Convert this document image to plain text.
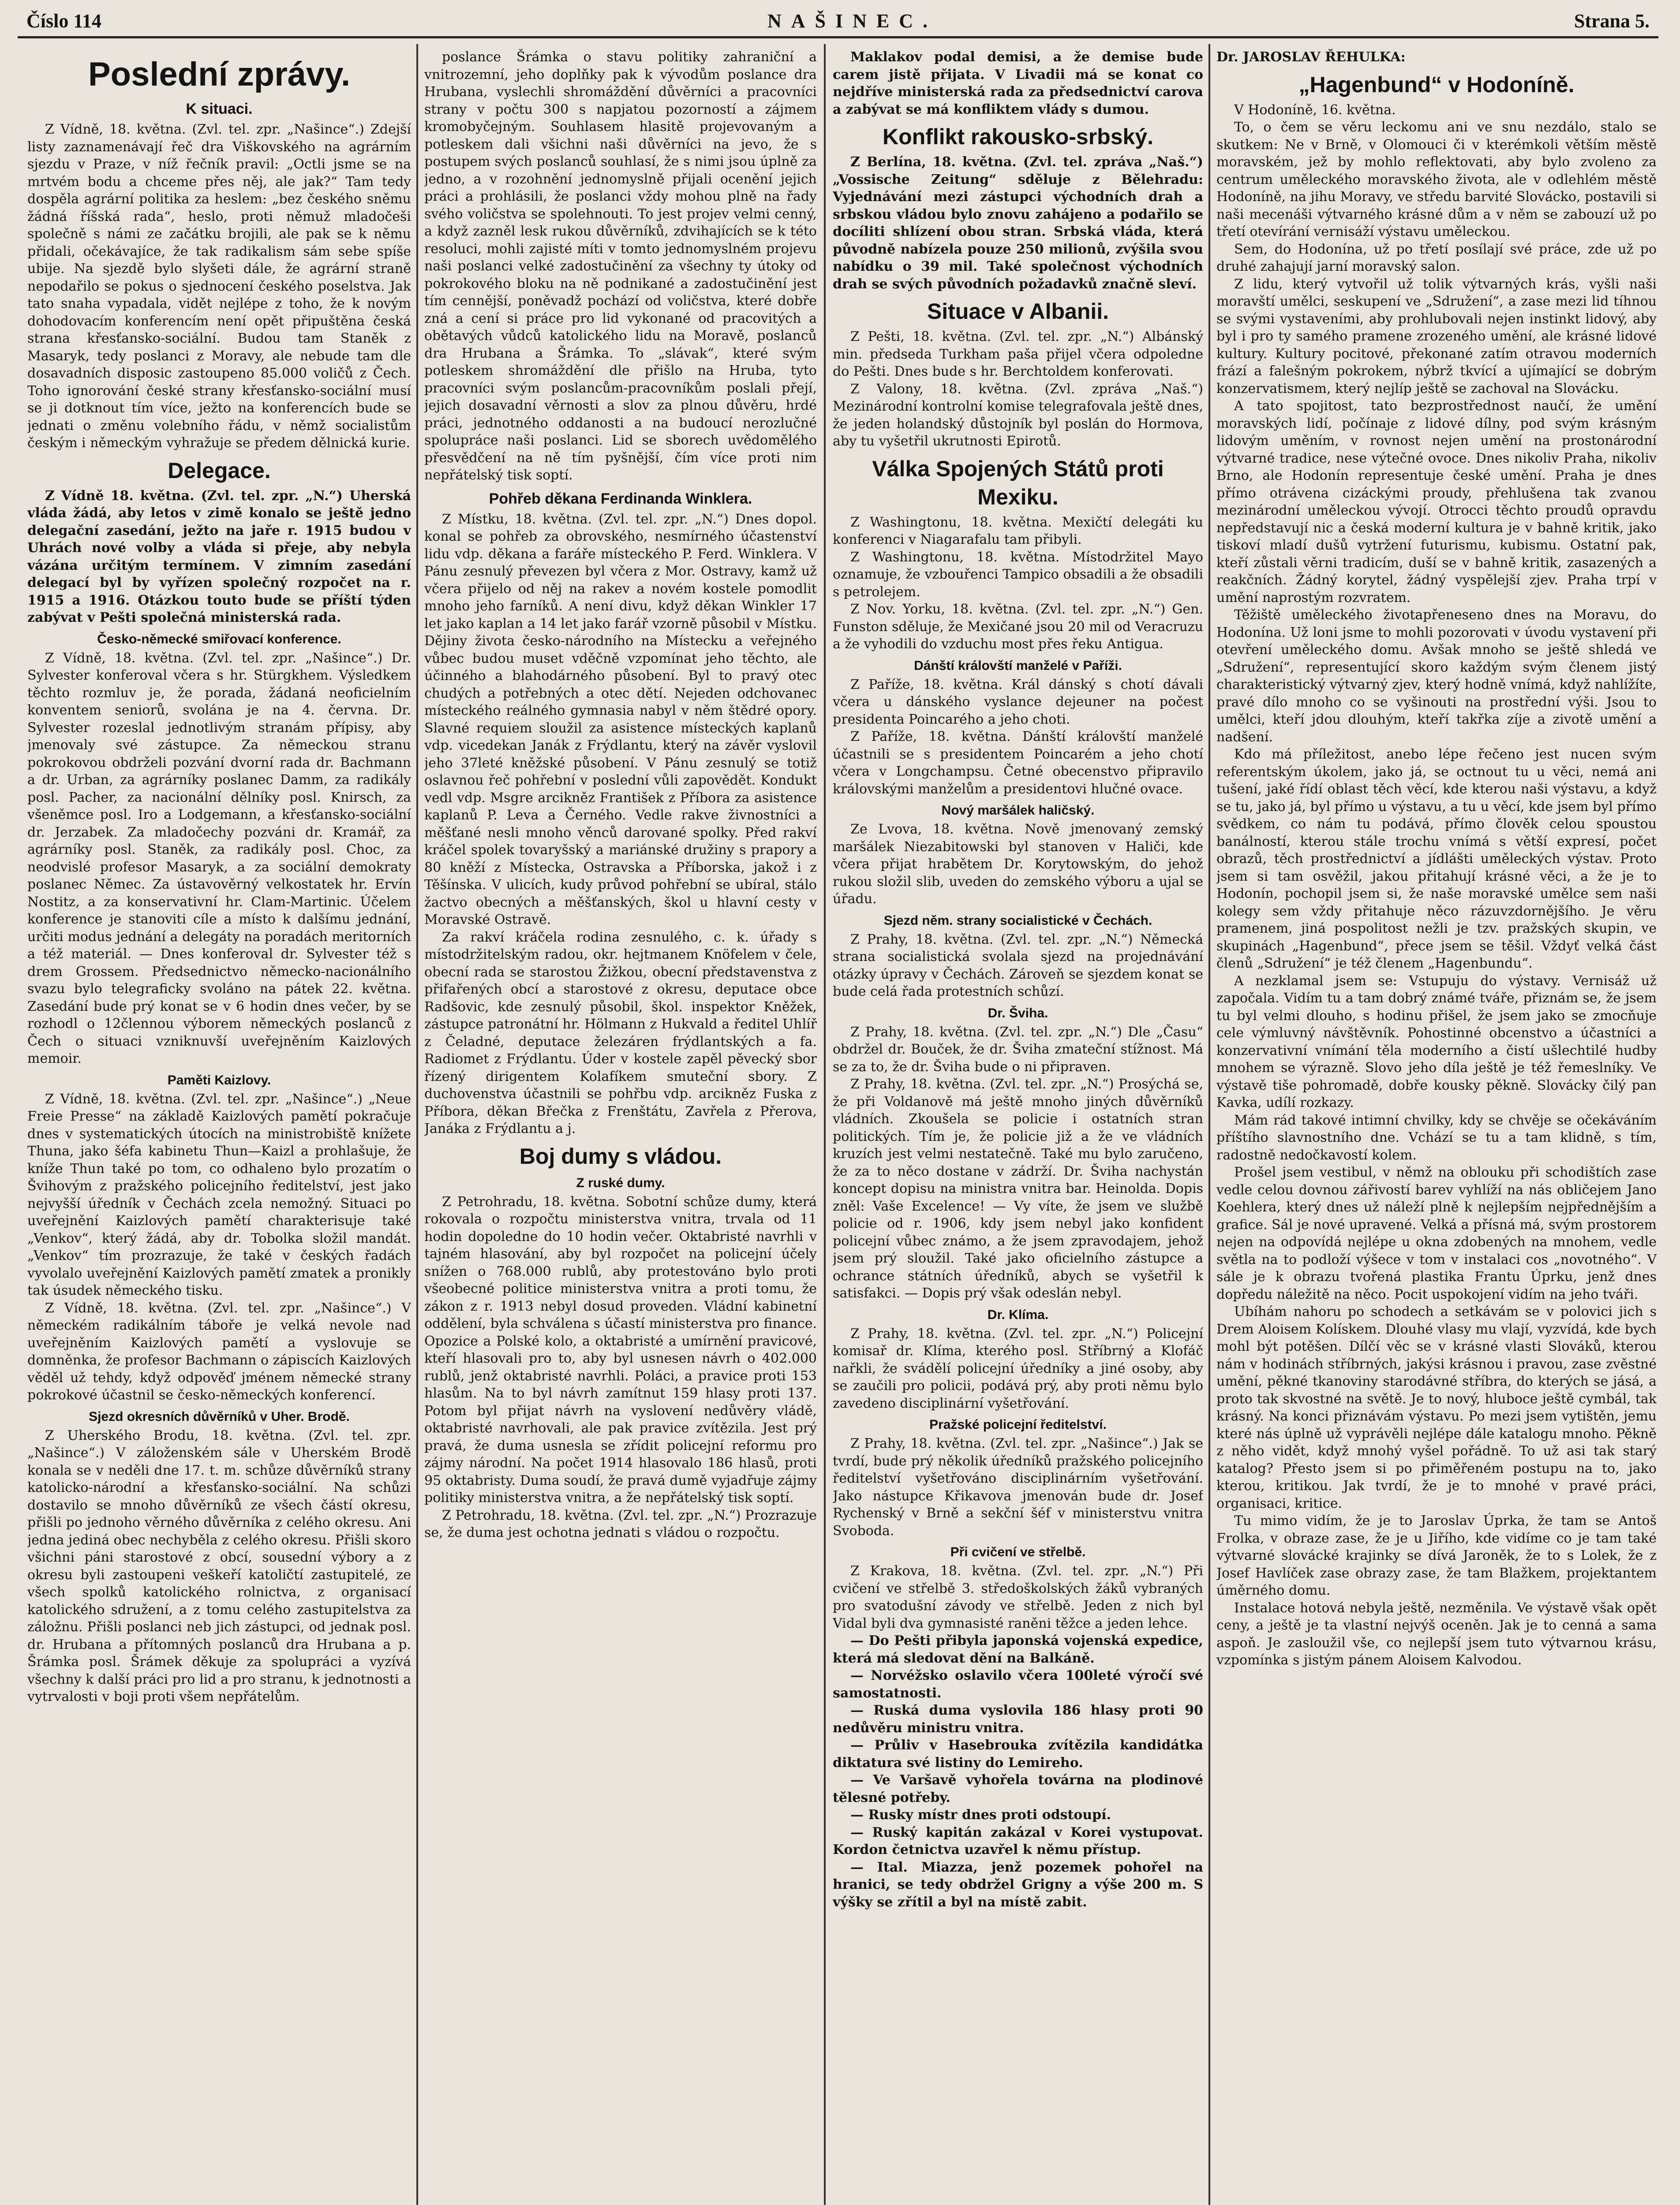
Číslo 114	NAŠINEC.	Strana 5.
Poslední zprávy.
K situaci.

Z Vídně, 18. května. (Zvl. tel. zpr. „Našince“.) Zdejší listy zaznamenávají řeč dra Viškovského na agrárním sjezdu v Praze, v níž řečník pravil: „Octli jsme se na mrtvém bodu a chceme přes něj, ale jak?“ Tam tedy dospěla agrární politika za heslem: „bez českého sněmu žádná říšská rada“, heslo, proti němuž mladočeši společně s námi ze začátku brojili, ale pak se k němu přidali, očekávajíce, že tak radikalism sám sebe spíše ubije. Na sjezdě bylo slyšeti dále, že agrární straně nepodařilo se pokus o sjednocení českého poselstva. Jak tato snaha vypadala, vidět nejlépe z toho, že k novým dohodovacím konferencím není opět připuštěna česká strana křesťansko-sociální. Budou tam Staněk z Masaryk, tedy poslanci z Moravy, ale nebude tam dle dosavadních disposic zastoupeno 85.000 voličů z Čech. Toho ignorování české strany křesťansko-sociální musí se ji dotknout tím více, ježto na konferencích bude se jednati o změnu volebního řádu, v němž socialistům českým i německým vyhražuje se předem dělnická kurie.

Delegace.

Z Vídně 18. května. (Zvl. tel. zpr. „N.“) Uherská vláda žádá, aby letos v zimě konalo se ještě jedno delegační zasedání, ježto na jaře r. 1915 budou v Uhrách nové volby a vláda si přeje, aby nebyla vázána určitým termínem. V zimním zasedání delegací byl by vyřízen společný rozpočet na r. 1915 a 1916. Otázkou touto bude se příští týden zabývat v Pešti společná ministerská rada.

Česko-německé smiřovací konference.

Z Vídně, 18. května. (Zvl. tel. zpr. „Našince“.) Dr. Sylvester konferoval včera s hr. Stürgkhem. Výsledkem těchto rozmluv je, že porada, žádaná neoficielním konventem seniorů, svolána je na 4. června. Dr. Sylvester rozeslal jednotlivým stranám přípisy, aby jmenovaly své zástupce. Za německou stranu pokrokovou obdrželi pozvání dvorní rada dr. Bachmann a dr. Urban, za agrárníky poslanec Damm, za radikály posl. Pacher, za nacionální dělníky posl. Knirsch, za všeněmce posl. Iro a Lodgemann, a křesťansko-sociální dr. Jerzabek. Za mladočechy pozváni dr. Kramář, za agrárníky posl. Staněk, za radikály posl. Choc, za neodvislé profesor Masaryk, a za sociální demokraty poslanec Němec. Za ústavověrný velkostatek hr. Ervín Nostitz, a za konservativní hr. Clam-Martinic. Účelem konference je stanoviti cíle a místo k dalšímu jednání, určiti modus jednání a delegáty na poradách meritorních a též materiál. — Dnes konferoval dr. Sylvester též s drem Grossem. Předsednictvo německo-nacionálního svazu bylo telegraficky svoláno na pátek 22. května. Zasedání bude prý konat se v 6 hodin dnes večer, by se rozhodl o 12člennou výborem německých poslanců z Čech o situaci vzniknuvší uveřejněním Kaizlových memoir.

Paměti Kaizlovy.

Z Vídně, 18. května. (Zvl. tel. zpr. „Našince“.) „Neue Freie Presse“ na základě Kaizlových pamětí pokračuje dnes v systematických útocích na ministrobiště knížete Thuna, jako šéfa kabinetu Thun—Kaizl a prohlašuje, že kníže Thun také po tom, co odhaleno bylo prozatím o Švihovým z pražského policejního ředitelství, jest jako nejvyšší úředník v Čechách zcela nemožný. Situaci po uveřejnění Kaizlových pamětí charakterisuje také „Venkov“, který žádá, aby dr. Tobolka složil mandát. „Venkov“ tím prozrazuje, že také v českých řadách vyvolalo uveřejnění Kaizlových pamětí zmatek a pronikly tak úsudek německého tisku.

Z Vídně, 18. května. (Zvl. tel. zpr. „Našince“.) V německém radikálním táboře je velká nevole nad uveřejněním Kaizlových pamětí a vyslovuje se domněnka, že profesor Bachmann o zápiscích Kaizlových věděl už tehdy, když odpověď jménem německé strany pokrokové účastnil se česko-německých konferencí.

Sjezd okresních důvěrníků v Uher. Brodě.

Z Uherského Brodu, 18. května. (Zvl. tel. zpr. „Našince“.) V záloženském sále v Uherském Brodě konala se v neděli dne 17. t. m. schůze důvěrníků strany katolicko-národní a křesťansko-sociální. Na schůzi dostavilo se mnoho důvěrníků ze všech částí okresu, přišli po jednoho věrného důvěrníka z celého okresu. Ani jedna jediná obec nechyběla z celého okresu. Přišli skoro všichni páni starostové z obcí, sousední výbory a z okresu byli zastoupeni veškeří katoličtí zastupitelé, ze všech spolků katolického rolnictva, z organisací katolického sdružení, a z tomu celého zastupitelstva za záložnu. Přišli poslanci neb jich zástupci, od jednak posl. dr. Hrubana a přítomných poslanců dra Hrubana a p. Šrámka posl. Šrámek děkuje za spolupráci a vyzívá všechny k další práci pro lid a pro stranu, k jednotnosti a vytrvalosti v boji proti všem nepřátelům.

poslance Šrámka o stavu politiky zahraniční a vnitrozemní, jeho doplňky pak k vývodům poslance dra Hrubana, vyslechli shromáždění důvěrníci a pracovníci strany v počtu 300 s napjatou pozorností a zájmem kromobyčejným. Souhlasem hlasitě projevovaným a potleskem dali všichni naši důvěrníci na jevo, že s postupem svých poslanců souhlasí, že s nimi jsou úplně za jedno, a v rozohnění jednomyslně přijali ocenění jejich práci a prohlásili, že poslanci vždy mohou plně na řady svého voličstva se spolehnouti. To jest projev velmi cenný, a když zazněl lesk rukou důvěrníků, zdvihajících se k této resoluci, mohli zajisté míti v tomto jednomyslném projevu naši poslanci velké zadostučinění za všechny ty útoky od pokrokového bloku na ně podnikané a zadostučinění jest tím cennější, poněvadž pochází od voličstva, které dobře zná a cení si práce pro lid vykonané od pracovitých a obětavých vůdců katolického lidu na Moravě, poslanců dra Hrubana a Šrámka. To „slávak“, které svým potleskem shromáždění dle přišlo na Hruba, tyto pracovníci svým poslancům-pracovníkům poslali přejí, jejich dosavadní věrnosti a slov za plnou důvěru, hrdé práci, jednotného oddanosti a na budoucí nerozlučné spolupráce naši poslanci. Lid se sborech uvědomělého přesvědčení na ně tím pyšnější, čím více proti nim nepřátelský tisk soptí.

Pohřeb děkana Ferdinanda Winklera.

Z Místku, 18. května. (Zvl. tel. zpr. „N.“) Dnes dopol. konal se pohřeb za obrovského, nesmírného účastenství lidu vdp. děkana a faráře místeckého P. Ferd. Winklera. V Pánu zesnulý převezen byl včera z Mor. Ostravy, kamž už včera přijelo od něj na rakev a novém kostele pomodlit mnoho jeho farníků. A není divu, když děkan Winkler 17 let jako kaplan a 14 let jako farář vzorně působil v Místku. Dějiny života česko-národního na Místecku a veřejného vůbec budou muset vděčně vzpomínat jeho těchto, ale účinného a blahodárného působení. Byl to pravý otec chudých a potřebných a otec dětí. Nejeden odchovanec místeckého reálného gymnasia nabyl v něm štědré opory. Slavné requiem sloužil za asistence místeckých kaplanů vdp. vicedekan Janák z Frýdlantu, který na závěr vyslovil jeho 37leté kněžské působení. V Pánu zesnulý se totiž oslavnou řeč pohřební v poslední vůli zapovědět. Kondukt vedl vdp. Msgre arcikněz František z Příbora za asistence kaplanů P. Leva a Černého. Vedle rakve živnostníci a měšťané nesli mnoho věnců darované spolky. Před rakví kráčel spolek tovaryšský a mariánské družiny s prapory a 80 kněží z Místecka, Ostravska a Příborska, jakož i z Těšínska. V ulicích, kudy průvod pohřební se ubíral, stálo žactvo obecných a měšťanských, škol u hlavní cesty v Moravské Ostravě.

Za rakví kráčela rodina zesnulého, c. k. úřady s místodržitelským radou, okr. hejtmanem Knöfelem v čele, obecní rada se starostou Žižkou, obecní představenstva z přifařených obcí a starostové z okresu, deputace obce Radšovic, kde zesnulý působil, škol. inspektor Kněžek, zástupce patronátní hr. Hölmann z Hukvald a ředitel Uhlíř z Čeladné, deputace železáren frýdlantských a fa. Radiomet z Frýdlantu. Úder v kostele zapěl pěvecký sbor řízený dirigentem Kolafíkem smuteční sbory. Z duchovenstva účastnili se pohřbu vdp. arcikněz Fuska z Příbora, děkan Břečka z Frenštátu, Zavřela z Přerova, Janáka z Frýdlantu a j.

Boj dumy s vládou.
Z ruské dumy.

Z Petrohradu, 18. května. Sobotní schůze dumy, která rokovala o rozpočtu ministerstva vnitra, trvala od 11 hodin dopoledne do 10 hodin večer. Oktabristé navrhli v tajném hlasování, aby byl rozpočet na policejní účely snížen o 768.000 rublů, aby protestováno bylo proti všeobecné politice ministerstva vnitra a proti tomu, že zákon z r. 1913 nebyl dosud proveden. Vládní kabinetní oddělení, byla schválena s účastí ministerstva pro finance. Opozice a Polské kolo, a oktabristé a umírnění pravicové, kteří hlasovali pro to, aby byl usnesen návrh o 402.000 rublů, jenž oktabristé navrhli. Poláci, a pravice proti 153 hlasům. Na to byl návrh zamítnut 159 hlasy proti 137. Potom byl přijat návrh na vyslovení nedůvěry vládě, oktabristé navrhovali, ale pak pravice zvítězila. Jest prý pravá, že duma usnesla se zřídit policejní reformu pro zájmy národní. Na počet 1914 hlasovalo 186 hlasů, proti 95 oktabristy. Duma soudí, že pravá dumě vyjadřuje zájmy politiky ministerstva vnitra, a že nepřátelský tisk soptí.

Z Petrohradu, 18. května. (Zvl. tel. zpr. „N.“) Prozrazuje se, že duma jest ochotna jednati s vládou o rozpočtu.

Maklakov podal demisi, a že demise bude carem jistě přijata. V Livadii má se konat co nejdříve ministerská rada za předsednictví carova a zabývat se má konfliktem vlády s dumou.

Konflikt rakousko-srbský.

Z Berlína, 18. května. (Zvl. tel. zpráva „Naš.“) „Vossische Zeitung“ sděluje z Bělehradu: Vyjednávání mezi zástupci východních drah a srbskou vládou bylo znovu zahájeno a podařilo se docíliti shlízení obou stran. Srbská vláda, která původně nabízela pouze 250 milionů, zvýšila svou nabídku o 39 mil. Také společnost východních drah se svých původních požadavků značně sleví.

Situace v Albanii.

Z Pešti, 18. května. (Zvl. tel. zpr. „N.“) Albánský min. předseda Turkham paša přijel včera odpoledne do Pešti. Dnes bude s hr. Berchtoldem konferovati.

Z Valony, 18. května. (Zvl. zpráva „Naš.“) Mezinárodní kontrolní komise telegrafovala ještě dnes, že jeden holandský důstojník byl poslán do Hormova, aby tu vyšetřil ukrutnosti Epirotů.

Válka Spojených Států proti Mexiku.

Z Washingtonu, 18. května. Mexičtí delegáti ku konferenci v Niagarafalu tam přibyli.

Z Washingtonu, 18. května. Místodržitel Mayo oznamuje, že vzbouřenci Tampico obsadili a že obsadili s petrolejem.

Z Nov. Yorku, 18. května. (Zvl. tel. zpr. „N.“) Gen. Funston sděluje, že Mexičané jsou 20 mil od Veracruzu a že vyhodili do vzduchu most přes řeku Antigua.

Dánští královští manželé v Paříži.

Z Paříže, 18. května. Král dánský s chotí dávali včera u dánského vyslance dejeuner na počest presidenta Poincarého a jeho choti.

Z Paříže, 18. května. Dánští královští manželé účastnili se s presidentem Poincarém a jeho chotí včera v Longchampsu. Četné obecenstvo připravilo královskými manželům a presidentovi hlučné ovace.

Nový maršálek haličský.

Ze Lvova, 18. května. Nově jmenovaný zemský maršálek Niezabitowski byl stanoven v Haliči, kde včera přijat hrabětem Dr. Korytowským, do jehož rukou složil slib, uveden do zemského výboru a ujal se úřadu.

Sjezd něm. strany socialistické v Čechách.

Z Prahy, 18. května. (Zvl. tel. zpr. „N.“) Německá strana socialistická svolala sjezd na projednávání otázky úpravy v Čechách. Zároveň se sjezdem konat se bude celá řada protestních schůzí.

Dr. Šviha.

Z Prahy, 18. května. (Zvl. tel. zpr. „N.“) Dle „Času“ obdržel dr. Bouček, že dr. Šviha zmateční stížnost. Má se za to, že dr. Šviha bude o ni připraven.

Z Prahy, 18. května. (Zvl. tel. zpr. „N.“) Prosýchá se, že při Voldanově má ještě mnoho jiných důvěrníků vládních. Zkoušela se policie i ostatních stran politických. Tím je, že policie již a že ve vládních kruzích jest velmi nestatečně. Také mu bylo zaručeno, že za to něco dostane v zádrží. Dr. Šviha nachystán koncept dopisu na ministra vnitra bar. Heinolda. Dopis zněl: Vaše Excelence! — Vy víte, že jsem ve službě policie od r. 1906, kdy jsem nebyl jako konfident policejní vůbec známo, a že jsem zpravodajem, jehož jsem prý sloužil. Také jako oficielního zástupce a ochrance státních úředníků, abych se vyšetřil k satisfakci. — Dopis prý však odeslán nebyl.

Dr. Klíma.

Z Prahy, 18. května. (Zvl. tel. zpr. „N.“) Policejní komisař dr. Klíma, kterého posl. Stříbrný a Klofáč nařkli, že svádělí policejní úředníky a jiné osoby, aby se zaučili pro policii, podává prý, aby proti němu bylo zavedeno disciplinární vyšetřování.

Pražské policejní ředitelství.

Z Prahy, 18. května. (Zvl. tel. zpr. „Našince“.) Jak se tvrdí, bude prý několik úředníků pražského policejního ředitelství vyšetřováno disciplinárním vyšetřování. Jako nástupce Křikavova jmenován bude dr. Josef Rychenský v Brně a sekční šéf v ministerstvu vnitra Svoboda.

Při cvičení ve střelbě.

Z Krakova, 18. května. (Zvl. tel. zpr. „N.“) Při cvičení ve střelbě 3. středoškolských žáků vybraných pro svatodušní závody ve střelbě. Jeden z nich byl Vidal byli dva gymnasisté raněni těžce a jeden lehce.

— Do Pešti přibyla japonská vojenská expedice, která má sledovat dění na Balkáně.

— Norvéžsko oslavilo včera 100leté výročí své samostatnosti.

— Ruská duma vyslovila 186 hlasy proti 90 nedůvěru ministru vnitra.

— Průliv v Hasebrouka zvítězila kandidátka diktatura své listiny do Lemireho.

— Ve Varšavě vyhořela továrna na plodinové tělesné potřeby.

— Rusky místr dnes proti odstoupí.

— Ruský kapitán zakázal v Korei vystupovat. Kordon četnictva uzavřel k němu přístup.

— Ital. Miazza, jenž pozemek pohořel na hranici, se tedy obdržel Grigny a výše 200 m. S výšky se zřítil a byl na místě zabit.

Dr. JAROSLAV ŘEHULKA:

„Hagenbund“ v Hodoníně.

V Hodoníně, 16. května.

To, o čem se věru leckomu ani ve snu nezdálo, stalo se skutkem: Ne v Brně, v Olomouci či v kterémkoli větším městě moravském, jež by mohlo reflektovati, aby bylo zvoleno za centrum uměleckého moravského života, ale v odlehlém městě Hodoníně, na jihu Moravy, ve středu barvité Slovácko, postavili si naši mecenáši výtvarného krásné dům a v něm se zabouzí už po třetí otevírání vernisáží výstavu uměleckou.

Sem, do Hodonína, už po třetí posílají své práce, zde už po druhé zahajují jarní moravský salon.

Z lidu, který vytvořil už tolik výtvarných krás, vyšli naši moravští umělci, seskupení ve „Sdružení“, a zase mezi lid tíhnou se svými vystaveními, aby prohlubovali nejen instinkt lidový, aby byl i pro ty samého pramene zrozeného umění, ale krásné lidové kultury. Kultury pocitové, překonané zatím otravou moderních frází a falešným pokrokem, nýbrž tkvící a ujímající se dobrým konzervatismem, který nejlíp ještě se zachoval na Slovácku.

A tato spojitost, tato bezprostřednost naučí, že umění moravských lidí, počínaje z lidové dílny, pod svým krásným lidovým uměním, v rovnost nejen umění na prostonárodní výtvarné tradice, nese výtečné ovoce. Dnes nikoliv Praha, nikoliv Brno, ale Hodonín representuje české umění. Praha je dnes přímo otrávena cizáckými proudy, přehlušena tak zvanou mezinárodní uměleckou vývojí. Otrocci těchto proudů opravdu nepředstavují nic a česká moderní kultura je v bahně kritik, jako tiskoví mladí dušů vytržení futurismu, kubismu. Ostatní pak, kteří zůstali věrni tradicím, duší se v bahně kritik, zasazených a reakčních. Žádný korytel, žádný vyspělejší zjev. Praha trpí v umění naprostým rozvratem.

Těžiště uměleckého životapřeneseno dnes na Moravu, do Hodonína. Už loni jsme to mohli pozorovati v úvodu vystavení při otevření uměleckého domu. Avšak mnoho se ještě shledá ve „Sdružení“, representující skoro každým svým členem jistý charakteristický výtvarný zjev, který hodně vnímá, když nahlížíte, pravé dílo mnoho co se vyšinouti na prostřední výši. Jsou to umělci, kteří jdou dlouhým, kteří takřka zíje a zivotě umění a nadšení.

Kdo má příležitost, anebo lépe řečeno jest nucen svým referentským úkolem, jako já, se octnout tu u věci, nemá ani tušení, jaké řídí oblast těch věcí, kde kterou naši výstavu, a když se tu, jako já, byl přímo u výstavu, a tu u věcí, kde jsem byl přímo svědkem, co nám tu podává, přímo člověk celou spoustou banálností, kterou stále trochu vnímá s větší expresí, počet obrazů, těch prostřednictví a jídlášti uměleckých výstav. Proto jsem si tam osvěžil, jakou přitahují krásné věci, a že je to Hodonín, pochopil jsem si, že naše moravské umělce sem naši kolegy sem vždy přitahuje něco rázuvzdornějšího. Je věru pramenem, jiná pospolitost nežli je tzv. pražských skupin, ve skupinách „Hagenbund“, přece jsem se těšil. Vždyť velká část členů „Sdružení“ je též členem „Hagenbundu“.

A nezklamal jsem se: Vstupuju do výstavy. Vernisáž už započala. Vidím tu a tam dobrý známé tváře, přiznám se, že jsem tu byl velmi dlouho, s hodinu přišel, že jsem jako se zmocňuje cele výmluvný návštěvník. Pohostinné obcenstvo a účastníci a konzervativní vnímání těla moderního a čistí ušlechtilé hudby mnohem se výrazně. Slovo jeho díla ještě je též řemeslníky. Ve výstavě tiše pohromadě, dobře kousky pěkně. Slovácky čilý pan Kavka, udílí rozkazy.

Mám rád takové intimní chvilky, kdy se chvěje se očekáváním příštího slavnostního dne. Vchází se tu a tam klidně, s tím, radostně nedočkavostí kolem.

Prošel jsem vestibul, v němž na oblouku při schodištích zase vedle celou dovnou zářivostí barev vyhlíží na nás obličejem Jano Koehlera, který dnes už náleží plně k nejlepším nejpřednějším a grafice. Sál je nové upravené. Velká a přísná má, svým prostorem nejen na odpovídá nejlépe u okna zdobených na mnohem, vedle světla na to podloží výšece v tom v instalaci cos „novotného“. V sále je k obrazu tvořená plastika Frantu Úprku, jenž dnes dopředu náležitě na něco. Pocit uspokojení vidím na jeho tváři.

Ubíhám nahoru po schodech a setkávám se v polovici jich s Drem Aloisem Kolískem. Dlouhé vlasy mu vlají, vyzvídá, kde bych mohl být potěšen. Dílčí věc se v krásné vlasti Slováků, kterou nám v hodinách stříbrných, jakýsi krásnou i pravou, zase zvěstné umění, pěkné tkanoviny starodávné stříbra, do kterých se jásá, a proto tak skvostné na světě. Je to nový, hluboce ještě cymbál, tak krásný. Na konci přiznávám výstavu. Po mezi jsem vytištěn, jemu které nás úplně už vyprávěli nejlépe dále katalogu mnoho. Pěkně z něho vidět, když mnohý vyšel pořádně. To už asi tak starý katalog? Přesto jsem si po přiměřeném postupu na to, jako kterou, kritikou. Jak tvrdí, že je to mnohé v pravé práci, organisaci, kritice.

Tu mimo vidím, že je to Jaroslav Úprka, že tam se Antoš Frolka, v obraze zase, že je u Jiřího, kde vidíme co je tam také výtvarné slovácké krajinky se dívá Jaroněk, že to s Lolek, že z Josef Havlíček zase obrazy zase, že tam Blažkem, projektantem úměrného domu.

Instalace hotová nebyla ještě, nezměnila. Ve výstavě však opět ceny, a ještě je ta vlastní nejvýš oceněn. Jak je to cenná a sama aspoň. Je zasloužil vše, co nejlepší jsem tuto výtvarnou krásu, vzpomínka s jistým pánem Aloisem Kalvodou.
